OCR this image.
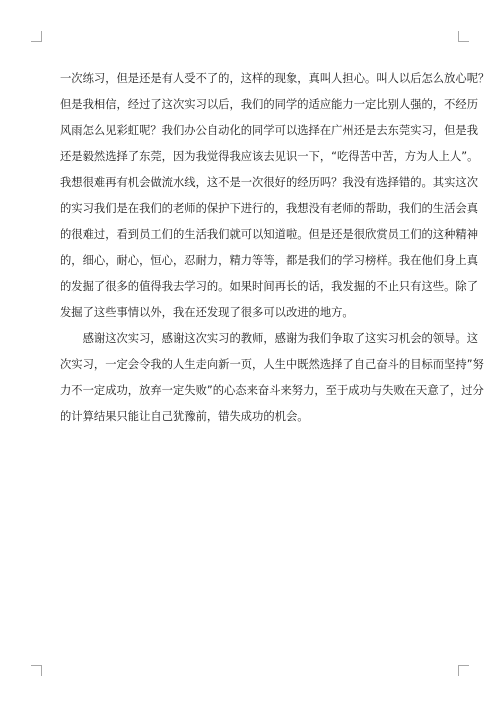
一次练习，但是还是有人受不了的，这样的现象，真叫人担心。叫人以后怎么放心呢？
但是我相信，经过了这次实习以后，我们的同学的适应能力一定比别人强的，不经历
风雨怎么见彩虹呢？我们办公自动化的同学可以选择在广州还是去东莞实习，但是我
还是毅然选择了东莞，因为我觉得我应该去见识一下，“吃得苦中苦，方为人上人”。
我想很难再有机会做流水线，这不是一次很好的经历吗？我没有选择错的。其实这次
的实习我们是在我们的老师的保护下进行的，我想没有老师的帮助，我们的生活会真
的很难过，看到员工们的生活我们就可以知道啦。但是还是很欣赏员工们的这种精神
的，细心，耐心，恒心，忍耐力，精力等等，都是我们的学习榜样。我在他们身上真
的发掘了很多的值得我去学习的。如果时间再长的话，我发掘的不止只有这些。除了
发掘了这些事情以外，我在还发现了很多可以改进的地方。
　　感谢这次实习，感谢这次实习的教师，感谢为我们争取了这实习机会的领导。这
次实习，一定会令我的人生走向新一页，人生中既然选择了自己奋斗的目标而坚持”努
力不一定成功，放弃一定失败”的心态来奋斗来努力，至于成功与失败在天意了，过分
的计算结果只能让自己犹豫前，错失成功的机会。
